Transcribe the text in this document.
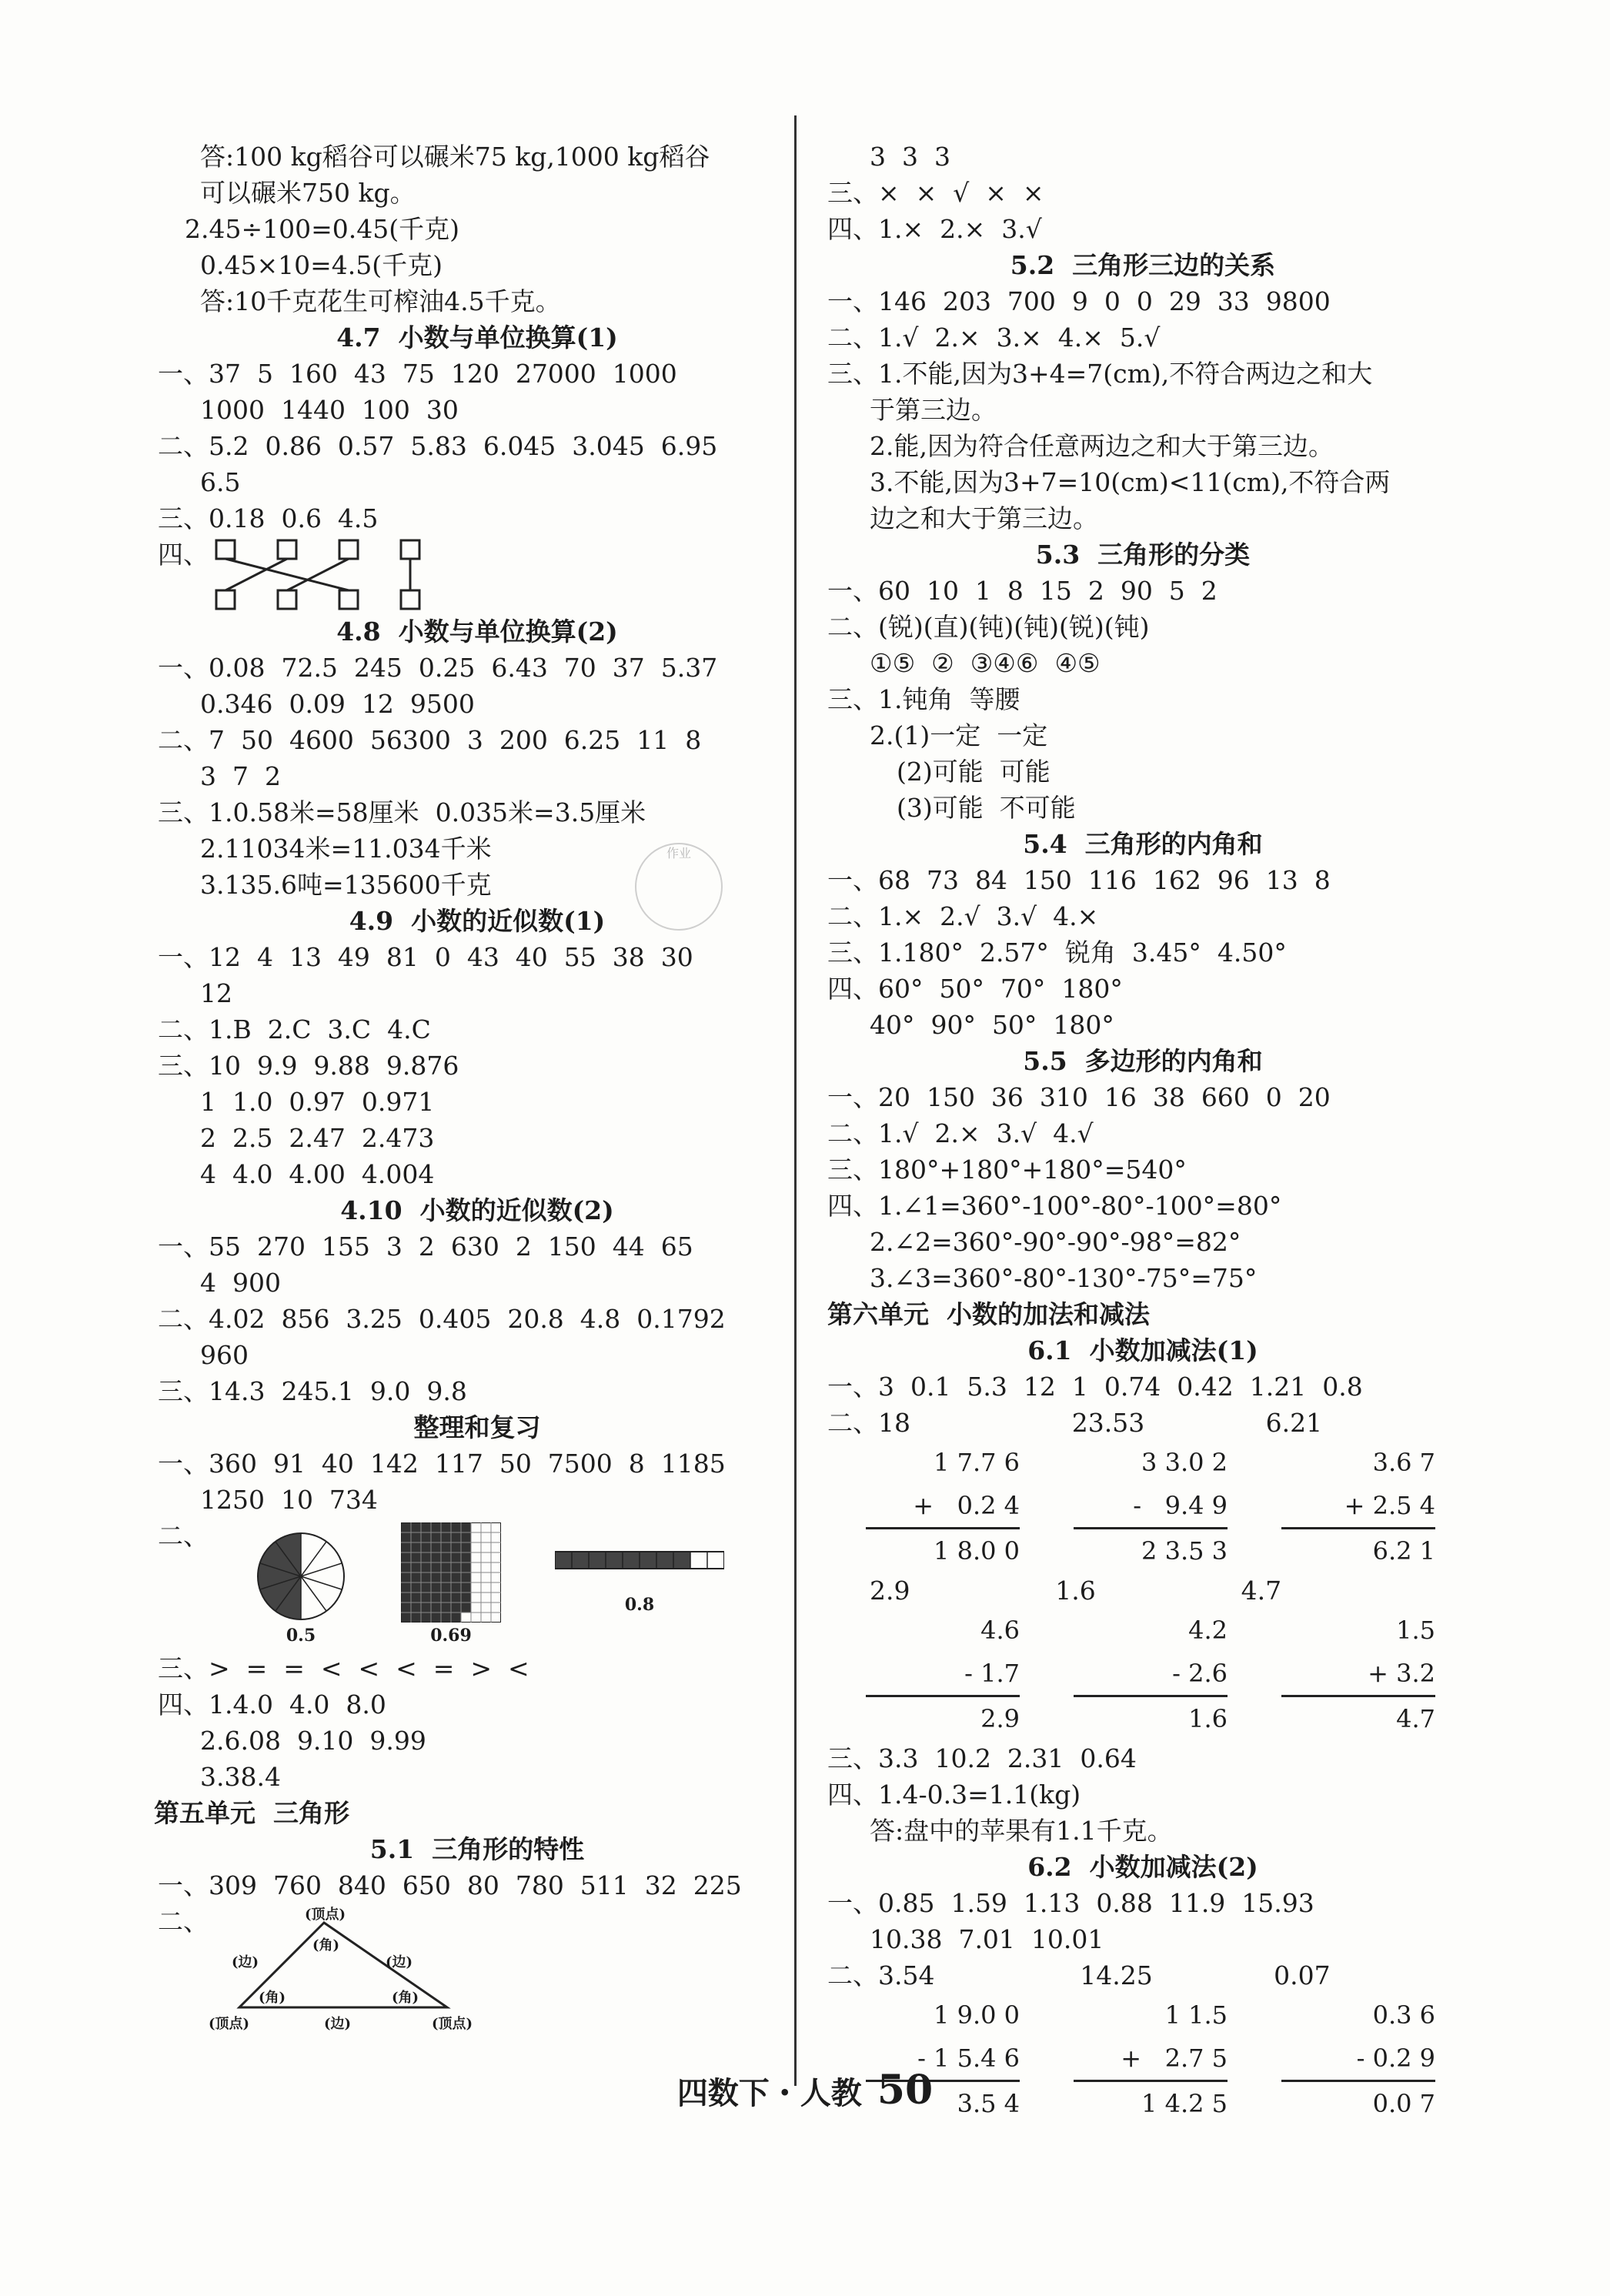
答:100 kg稻谷可以碾米75 kg,1000 kg稻谷
可以碾米750 kg。
2.45÷100=0.45(千克)
0.45×10=4.5(千克)
答:10千克花生可榨油4.5千克。
4.7  小数与单位换算(1)
一、37  5  160  43  75  120  27000  1000
1000  1440  100  30
二、5.2  0.86  0.57  5.83  6.045  3.045  6.95
6.5
三、0.18  0.6  4.5
四、
4.8  小数与单位换算(2)
一、0.08  72.5  245  0.25  6.43  70  37  5.37
0.346  0.09  12  9500
二、7  50  4600  56300  3  200  6.25  11  8
3  7  2
三、1.0.58米=58厘米  0.035米=3.5厘米
2.11034米=11.034千米
3.135.6吨=135600千克
4.9  小数的近似数(1)
一、12  4  13  49  81  0  43  40  55  38  30
12
二、1.B  2.C  3.C  4.C
三、10  9.9  9.88  9.876
1  1.0  0.97  0.971
2  2.5  2.47  2.473
4  4.0  4.00  4.004
4.10  小数的近似数(2)
一、55  270  155  3  2  630  2  150  44  65
4  900
二、4.02  856  3.25  0.405  20.8  4.8  0.1792
960
三、14.3  245.1  9.0  9.8
整理和复习
一、360  91  40  142  117  50  7500  8  1185
1250  10  734
二、
0.5	0.69
0.8
三、>  =  =  <  <  <  =  >  <
四、1.4.0  4.0  8.0
2.6.08  9.10  9.99
3.38.4
第五单元  三角形
5.1  三角形的特性
一、309  760  840  650  80  780  511  32  225
二、	(顶点)
(角)
(边)	(边)
(角)	(角)
(顶点)	(边)	(顶点)
3  3  3
三、×  ×  √  ×  ×
四、1.×  2.×  3.√
5.2  三角形三边的关系
一、146  203  700  9  0  0  29  33  9800
二、1.√  2.×  3.×  4.×  5.√
三、1.不能,因为3+4=7(cm),不符合两边之和大
于第三边。
2.能,因为符合任意两边之和大于第三边。
3.不能,因为3+7=10(cm)<11(cm),不符合两
边之和大于第三边。
5.3  三角形的分类
一、60  10  1  8  15  2  90  5  2
二、(锐)(直)(钝)(钝)(锐)(钝)
①⑤  ②  ③④⑥  ④⑤
三、1.钝角  等腰
2.(1)一定  一定
(2)可能  可能
(3)可能  不可能
5.4  三角形的内角和
一、68  73  84  150  116  162  96  13  8
二、1.×  2.√  3.√  4.×
三、1.180°  2.57°  锐角  3.45°  4.50°
四、60°  50°  70°  180°
40°  90°  50°  180°
5.5  多边形的内角和
一、20  150  36  310  16  38  660  0  20
二、1.√  2.×  3.√  4.√
三、180°+180°+180°=540°
四、1.∠1=360°-100°-80°-100°=80°
2.∠2=360°-90°-90°-98°=82°
3.∠3=360°-80°-130°-75°=75°
第六单元  小数的加法和减法
6.1  小数加减法(1)
一、3  0.1  5.3  12  1  0.74  0.42  1.21  0.8
二、18                    23.53               6.21
1 7.7 6
+   0.2 4
1 8.0 0
3 3.0 2
-   9.4 9
2 3.5 3
3.6 7
+ 2.5 4
6.2 1
2.9                  1.6                  4.7
4.6
- 1.7
2.9
4.2
- 2.6
1.6
1.5
+ 3.2
4.7
三、3.3  10.2  2.31  0.64
四、1.4-0.3=1.1(kg)
答:盘中的苹果有1.1千克。
6.2  小数加减法(2)
一、0.85  1.59  1.13  0.88  11.9  15.93
10.38  7.01  10.01
二、3.54                  14.25               0.07
1 9.0 0
- 1 5.4 6
3.5 4
1 1.5
+   2.7 5
1 4.2 5
0.3 6
- 0.2 9
0.0 7
作业
四数下・人教 50
